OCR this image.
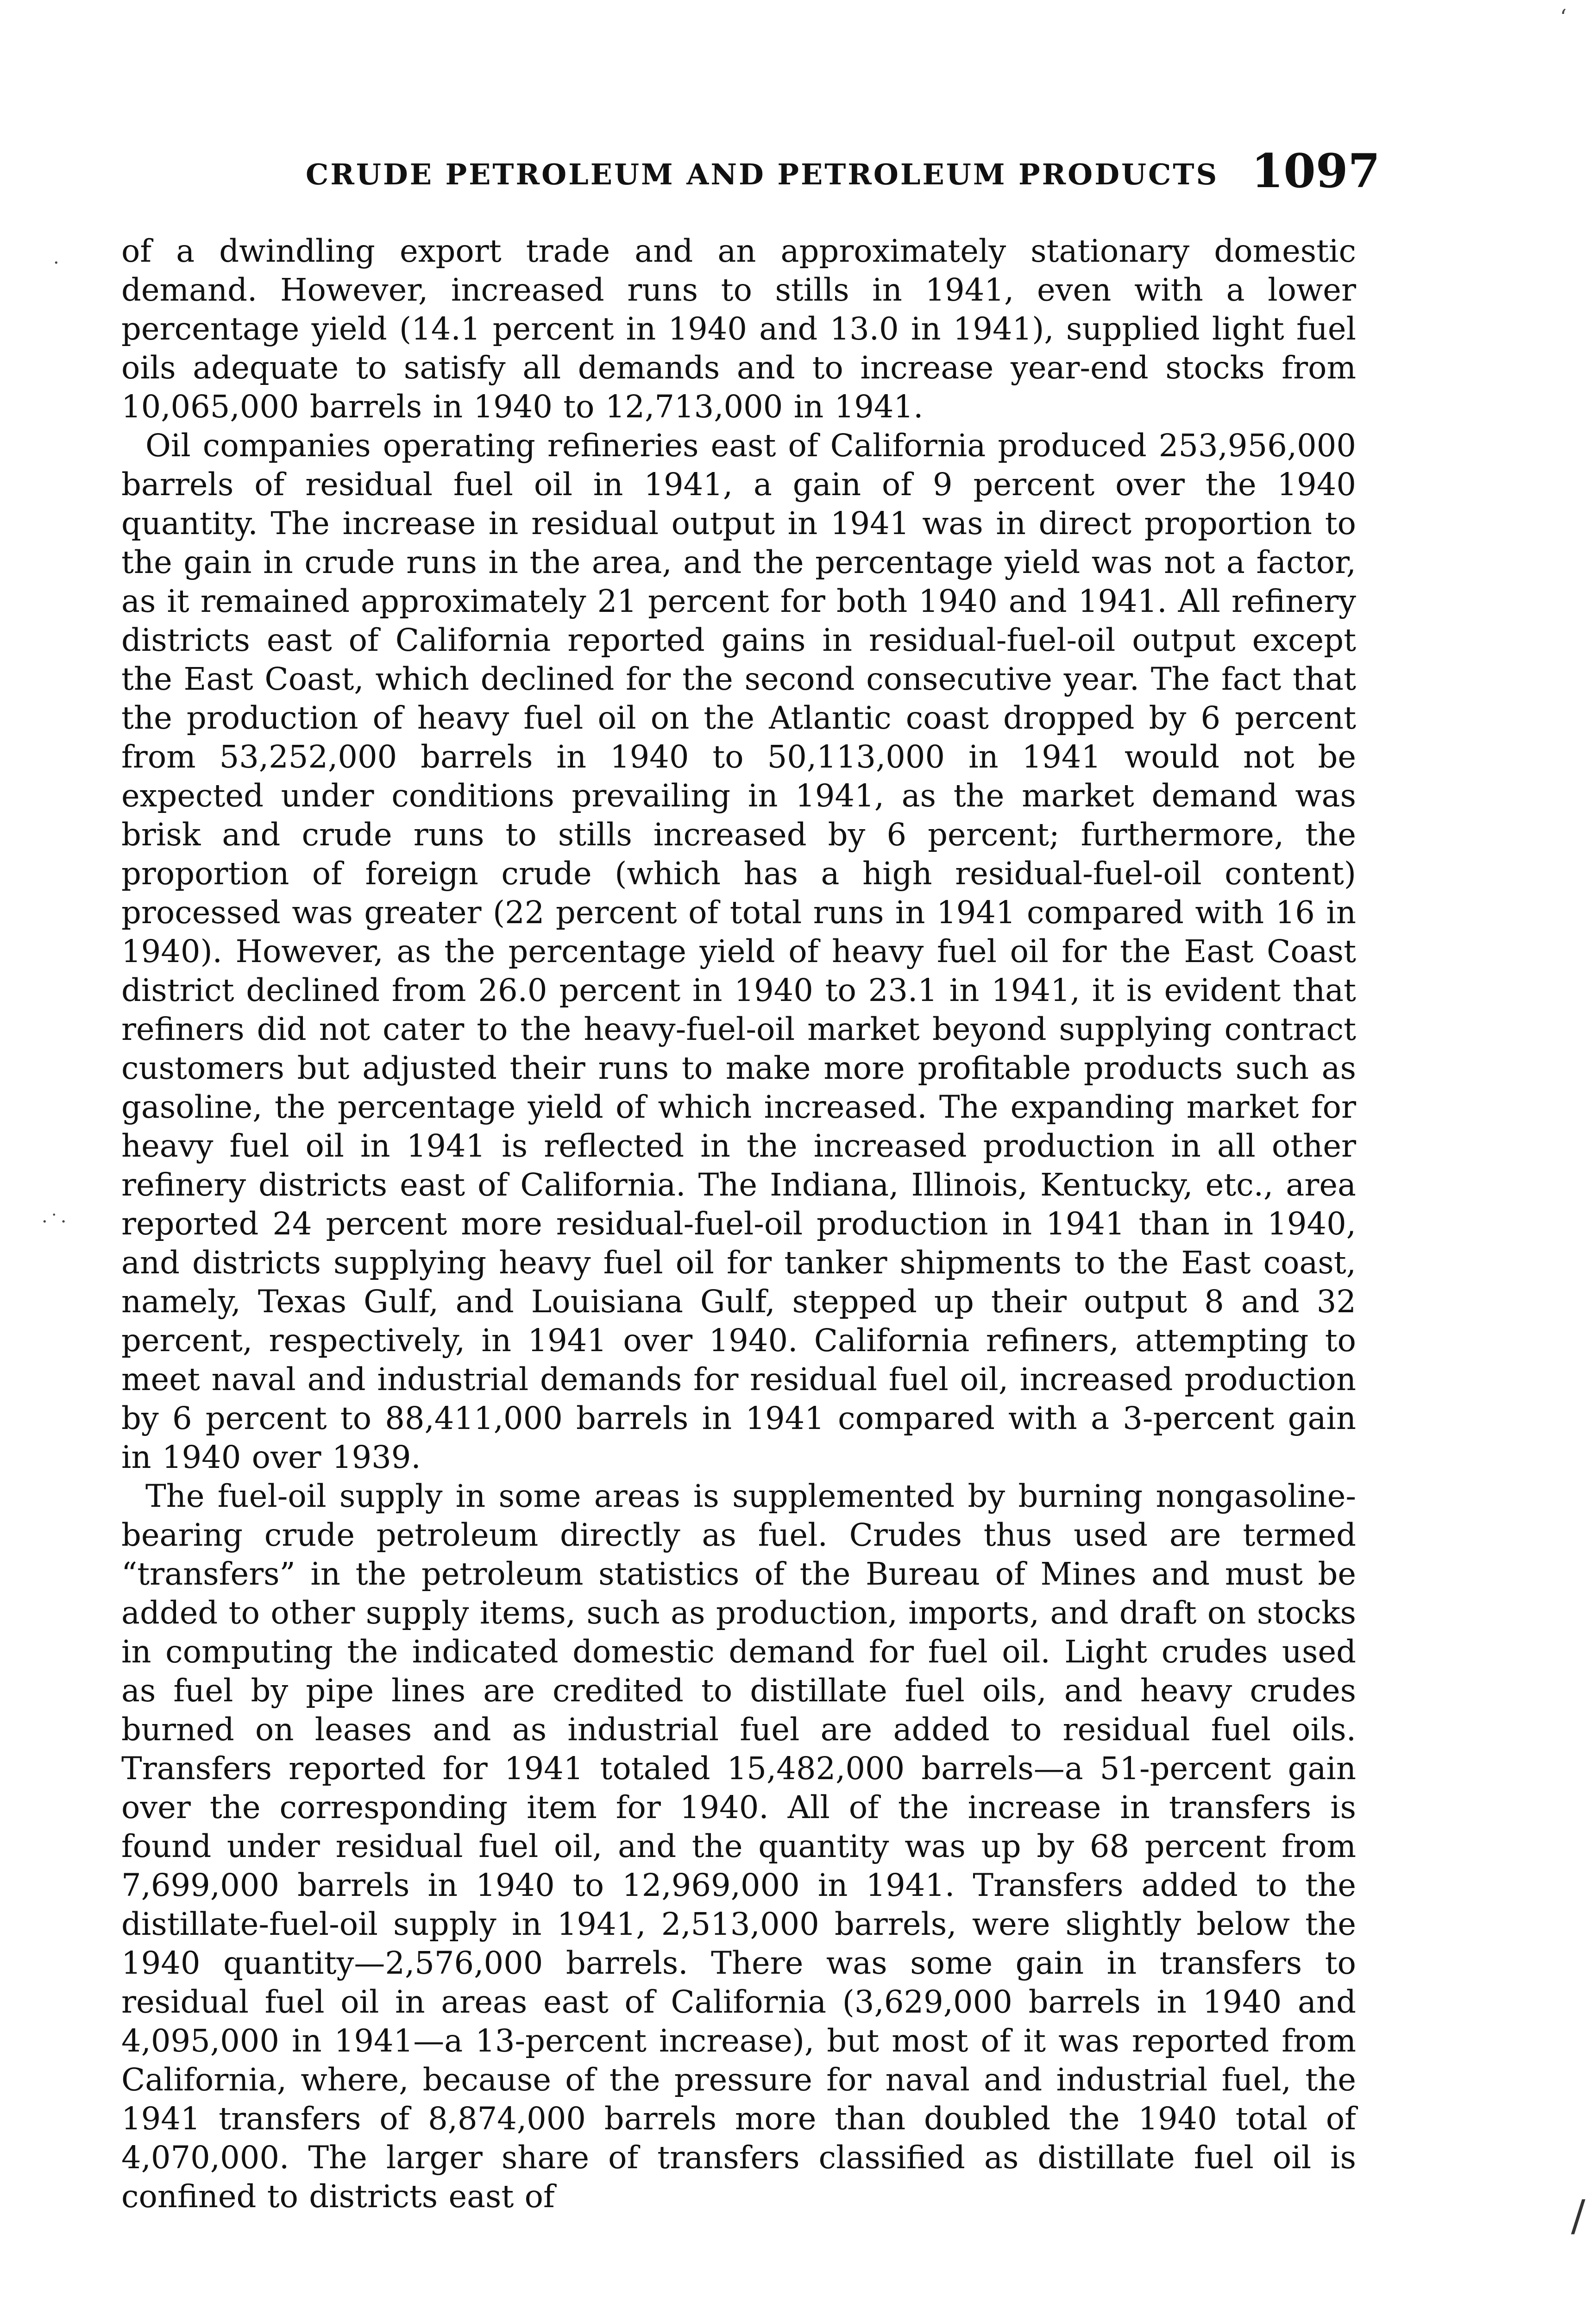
CRUDE PETROLEUM AND PETROLEUM PRODUCTS 1097

of a dwindling export trade and an approximately stationary domestic demand. However, increased runs to stills in 1941, even with a lower percentage yield (14.1 percent in 1940 and 13.0 in 1941), supplied light fuel oils adequate to satisfy all demands and to increase year-end stocks from 10,065,000 barrels in 1940 to 12,713,000 in 1941.

Oil companies operating refineries east of California produced 253,956,000 barrels of residual fuel oil in 1941, a gain of 9 percent over the 1940 quantity. The increase in residual output in 1941 was in direct proportion to the gain in crude runs in the area, and the percentage yield was not a factor, as it remained approximately 21 percent for both 1940 and 1941. All refinery districts east of California reported gains in residual-fuel-oil output except the East Coast, which declined for the second consecutive year. The fact that the production of heavy fuel oil on the Atlantic coast dropped by 6 percent from 53,252,000 barrels in 1940 to 50,113,000 in 1941 would not be expected under conditions prevailing in 1941, as the market demand was brisk and crude runs to stills increased by 6 percent; furthermore, the proportion of foreign crude (which has a high residual-fuel-oil content) processed was greater (22 percent of total runs in 1941 compared with 16 in 1940). However, as the percentage yield of heavy fuel oil for the East Coast district declined from 26.0 percent in 1940 to 23.1 in 1941, it is evident that refiners did not cater to the heavy-fuel-oil market beyond supplying contract customers but adjusted their runs to make more profitable products such as gasoline, the percentage yield of which increased. The expanding market for heavy fuel oil in 1941 is reflected in the increased production in all other refinery districts east of California. The Indiana, Illinois, Kentucky, etc., area reported 24 percent more residual-fuel-oil production in 1941 than in 1940, and districts supplying heavy fuel oil for tanker shipments to the East coast, namely, Texas Gulf, and Louisiana Gulf, stepped up their output 8 and 32 percent, respectively, in 1941 over 1940. California refiners, attempting to meet naval and industrial demands for residual fuel oil, increased production by 6 percent to 88,411,000 barrels in 1941 compared with a 3-percent gain in 1940 over 1939.

The fuel-oil supply in some areas is supplemented by burning nongasoline-bearing crude petroleum directly as fuel. Crudes thus used are termed “transfers” in the petroleum statistics of the Bureau of Mines and must be added to other supply items, such as production, imports, and draft on stocks in computing the indicated domestic demand for fuel oil. Light crudes used as fuel by pipe lines are credited to distillate fuel oils, and heavy crudes burned on leases and as industrial fuel are added to residual fuel oils. Transfers reported for 1941 totaled 15,482,000 barrels—a 51-percent gain over the corresponding item for 1940. All of the increase in transfers is found under residual fuel oil, and the quantity was up by 68 percent from 7,699,000 barrels in 1940 to 12,969,000 in 1941. Transfers added to the distillate-fuel-oil supply in 1941, 2,513,000 barrels, were slightly below the 1940 quantity—2,576,000 barrels. There was some gain in transfers to residual fuel oil in areas east of California (3,629,000 barrels in 1940 and 4,095,000 in 1941—a 13-percent increase), but most of it was reported from California, where, because of the pressure for naval and industrial fuel, the 1941 transfers of 8,874,000 barrels more than doubled the 1940 total of 4,070,000. The larger share of transfers classified as distillate fuel oil is confined to districts east of

‘
·
·˙·
/
